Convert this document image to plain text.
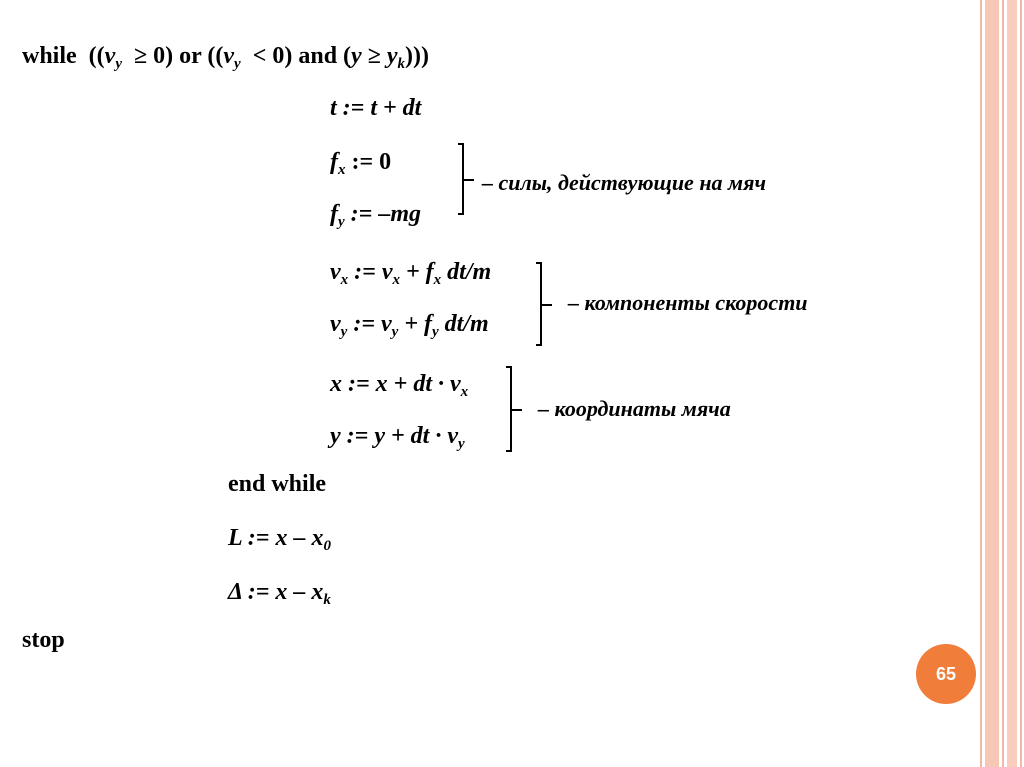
while ($(v_y \ge 0)$ or ($(v_y < 0)$ and $(y \ge y_k)$))
t := t + dt
$f_x$ := 0
$f_y$ := –mg
– силы, действующие на мяч
$v_x$ := $v_x + f_x$ dt/m
$v_y$ := $v_y + f_y$ dt/m
– компоненты скорости
x := x + dt · $v_x$
y := y + dt · $v_y$
– координаты мяча
end while
L := x – $x_0$
Δ := x – $x_k$
stop
65
